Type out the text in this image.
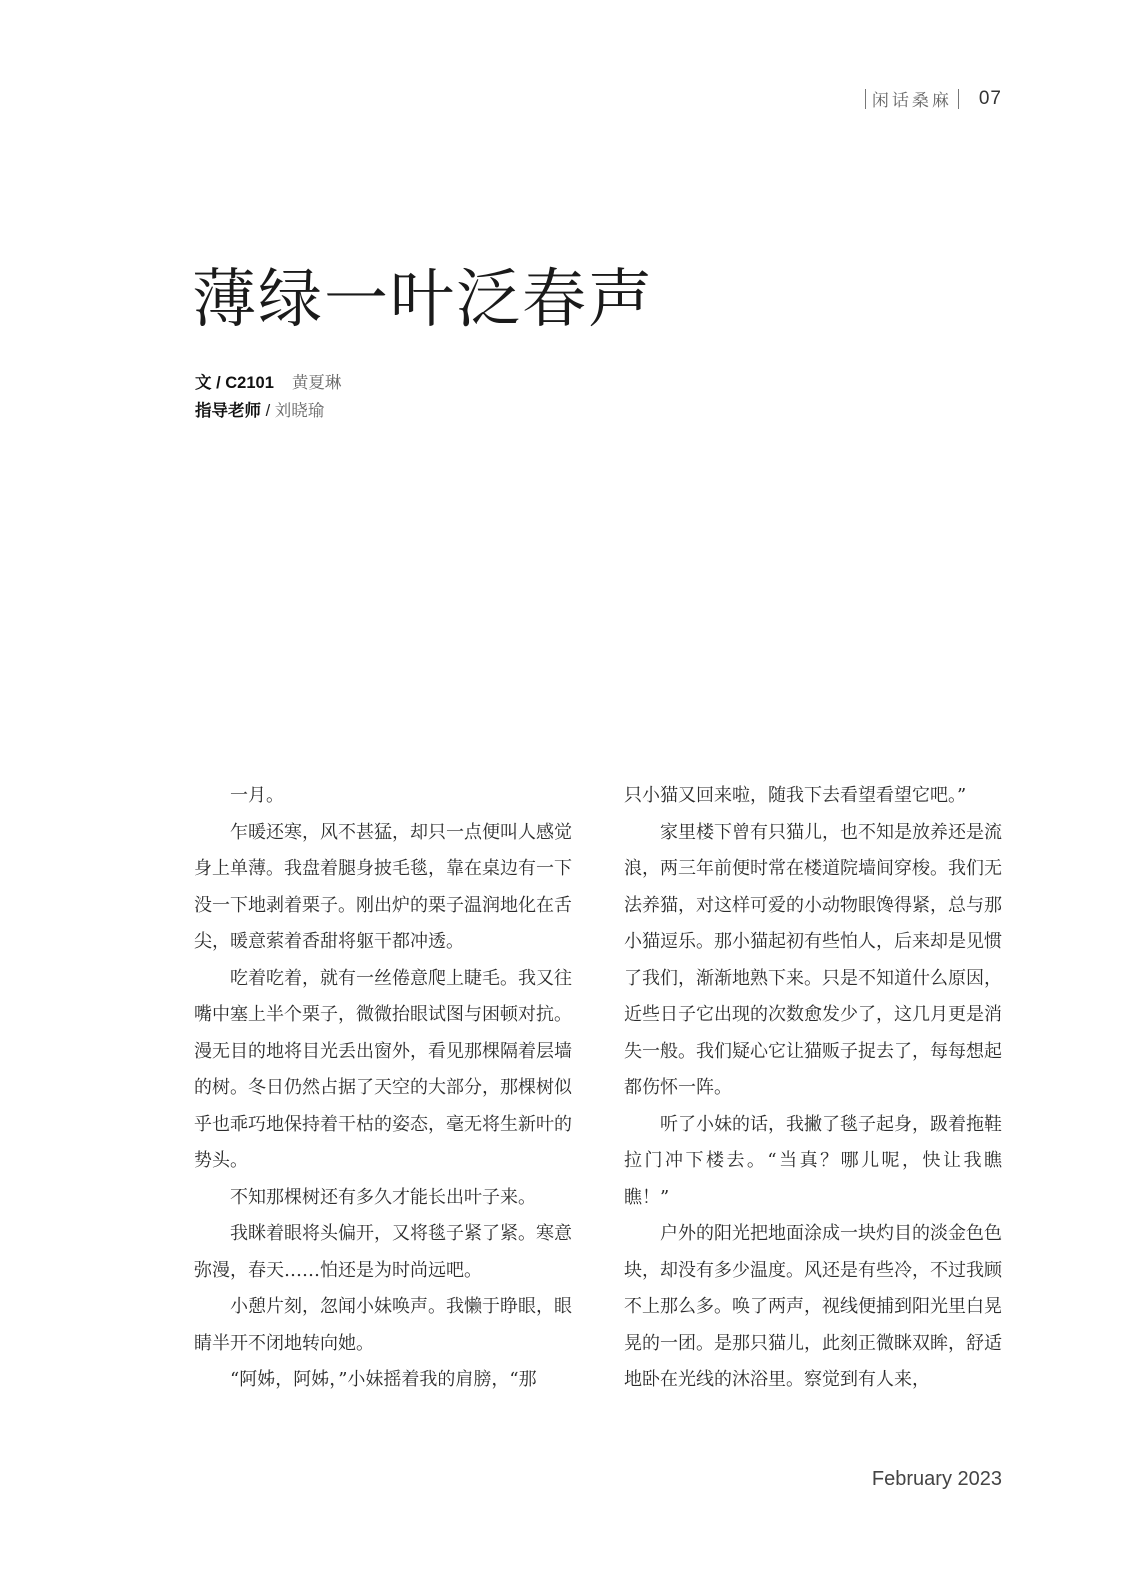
闲话桑麻 07
薄绿一叶泛春声
文 / C2101 黄夏琳
指导老师 / 刘晓瑜

一月。

乍暖还寒，风不甚猛，却只一点便叫人感觉身上单薄。我盘着腿身披毛毯，靠在桌边有一下没一下地剥着栗子。刚出炉的栗子温润地化在舌尖，暖意萦着香甜将躯干都冲透。

吃着吃着，就有一丝倦意爬上睫毛。我又往嘴中塞上半个栗子，微微抬眼试图与困顿对抗。漫无目的地将目光丢出窗外，看见那棵隔着层墙的树。冬日仍然占据了天空的大部分，那棵树似乎也乖巧地保持着干枯的姿态，毫无将生新叶的势头。

不知那棵树还有多久才能长出叶子来。

我眯着眼将头偏开，又将毯子紧了紧。寒意弥漫，春天……怕还是为时尚远吧。

小憩片刻，忽闻小妹唤声。我懒于睁眼，眼睛半开不闭地转向她。

“阿姊，阿姊，”小妹摇着我的肩膀，“那

只小猫又回来啦，随我下去看望看望它吧。”

家里楼下曾有只猫儿，也不知是放养还是流浪，两三年前便时常在楼道院墙间穿梭。我们无法养猫，对这样可爱的小动物眼馋得紧，总与那小猫逗乐。那小猫起初有些怕人，后来却是见惯了我们，渐渐地熟下来。只是不知道什么原因，近些日子它出现的次数愈发少了，这几月更是消失一般。我们疑心它让猫贩子捉去了，每每想起都伤怀一阵。

听了小妹的话，我撇了毯子起身，趿着拖鞋拉门冲下楼去。“当真？哪儿呢，快让我瞧瞧！”

户外的阳光把地面涂成一块灼目的淡金色色块，却没有多少温度。风还是有些冷，不过我顾不上那么多。唤了两声，视线便捕到阳光里白晃晃的一团。是那只猫儿，此刻正微眯双眸，舒适地卧在光线的沐浴里。察觉到有人来，

February 2023
